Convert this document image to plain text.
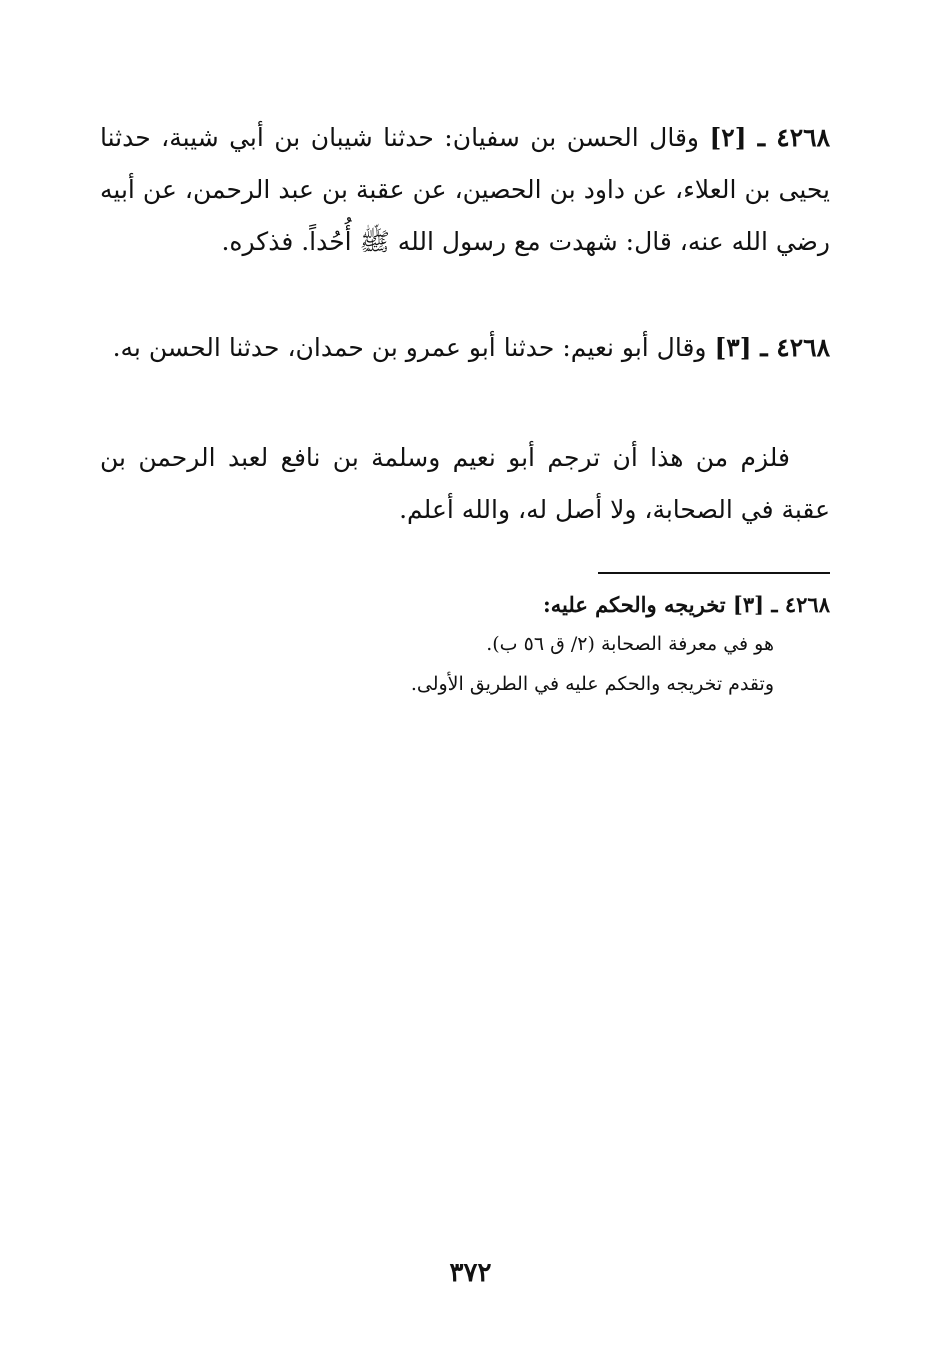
٤٢٦٨ ـ [٢] وقال الحسن بن سفيان: حدثنا شيبان بن أبي شيبة، حدثنا يحيى بن العلاء، عن داود بن الحصين، عن عقبة بن عبد الرحمن، عن أبيه رضي الله عنه، قال: شهدت مع رسول الله ﷺ أُحُداً. فذكره.

٤٢٦٨ ـ [٣] وقال أبو نعيم: حدثنا أبو عمرو بن حمدان، حدثنا الحسن به.

فلزم من هذا أن ترجم أبو نعيم وسلمة بن نافع لعبد الرحمن بن عقبة في الصحابة، ولا أصل له، والله أعلم.

٤٢٦٨ ـ [٣] تخريجه والحكم عليه:

هو في معرفة الصحابة (٢/ ق ٥٦ ب).

وتقدم تخريجه والحكم عليه في الطريق الأولى.

٣٧٢
